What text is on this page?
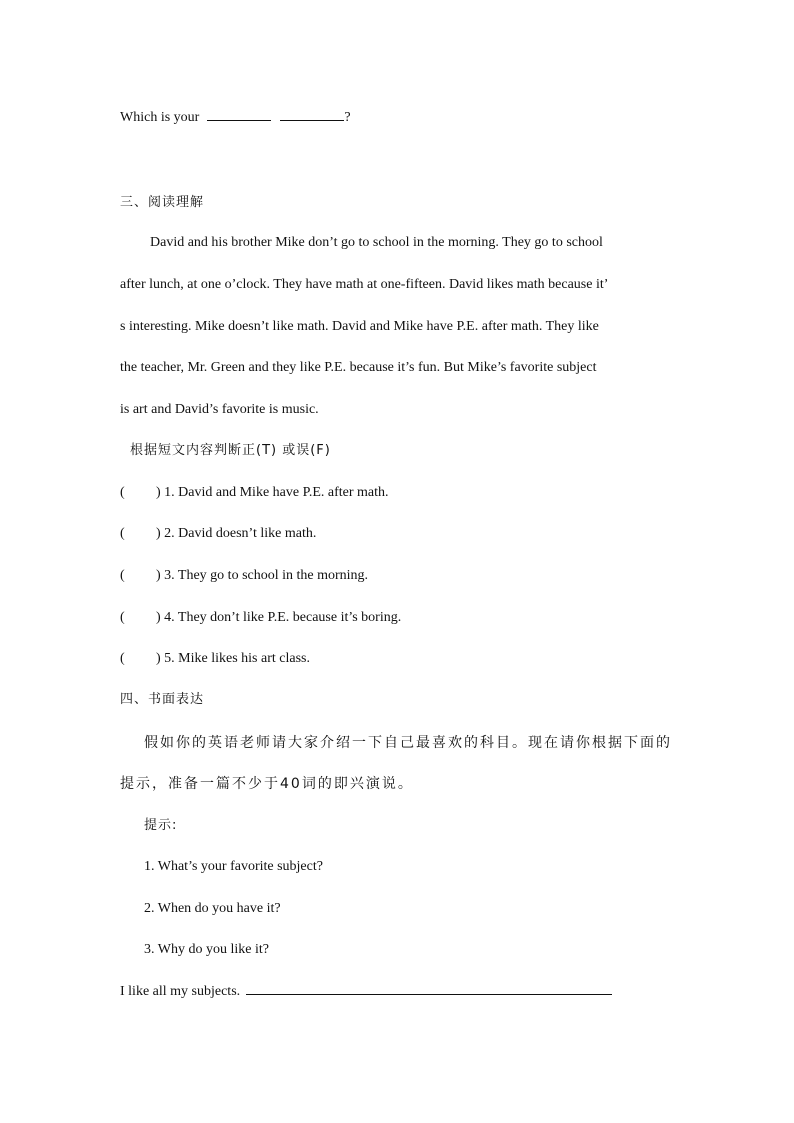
Which is your	?
三、阅读理解
David and his brother Mike don’t go to school in the morning. They go to school
after lunch, at one o’clock. They have math at one-fifteen. David likes math because it’
s interesting. Mike doesn’t like math. David and Mike have P.E. after math. They like
the teacher, Mr. Green and they like P.E. because it’s fun. But Mike’s favorite subject
is art and David’s favorite is music.
根据短文内容判断正(T) 或误(F)
( ) 1. David and Mike have P.E. after math.
( ) 2. David doesn’t like math.
( ) 3. They go to school in the morning.
( ) 4. They don’t like P.E. because it’s boring.
( ) 5. Mike likes his art class.
四、书面表达
假如你的英语老师请大家介绍一下自己最喜欢的科目。现在请你根据下面的
提示，准备一篇不少于40词的即兴演说。
提示:
1. What’s your favorite subject?
2. When do you have it?
3. Why do you like it?
I like all my subjects.
